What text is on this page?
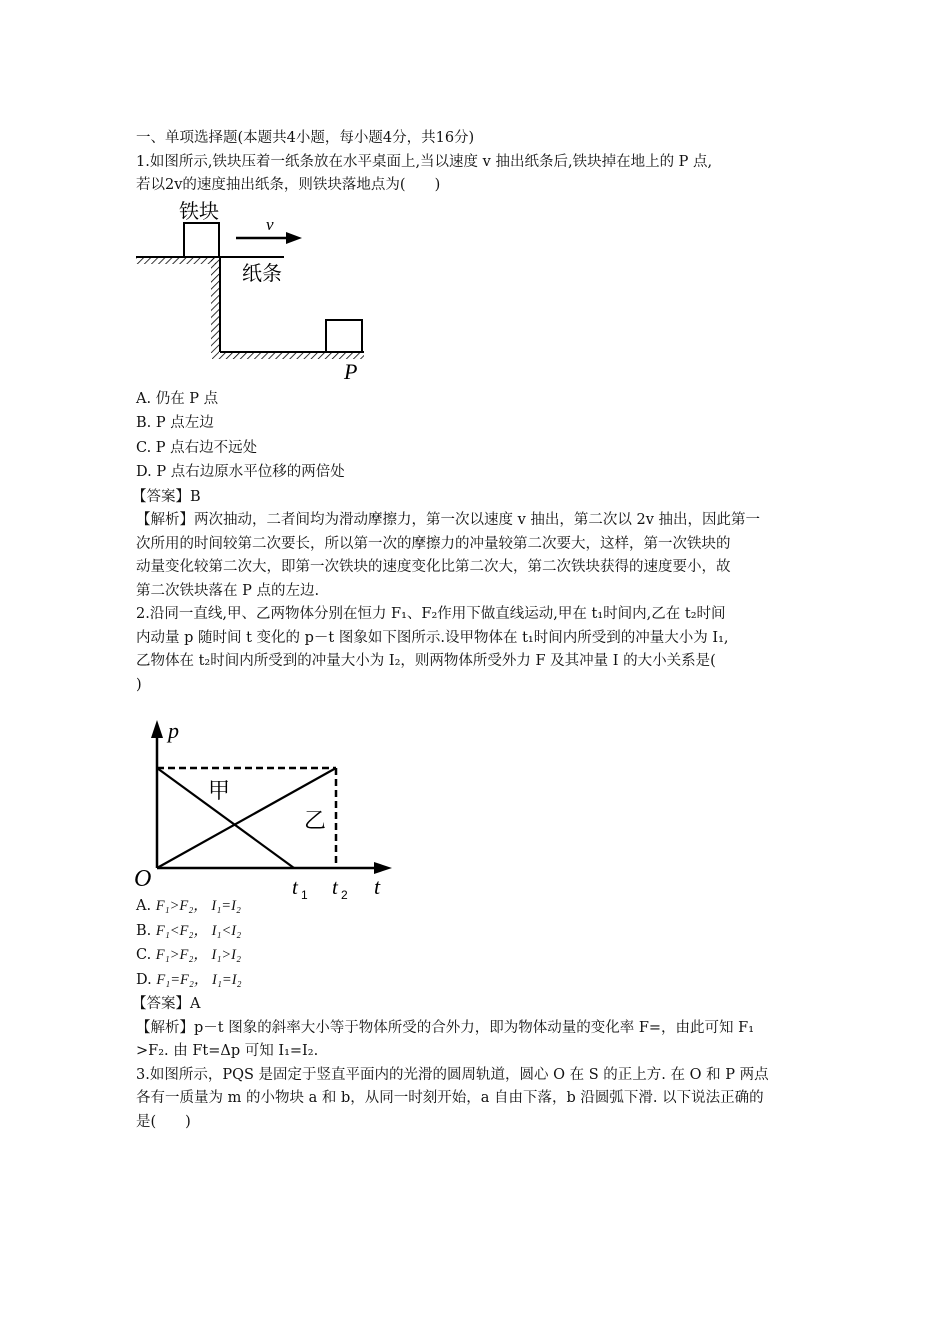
一、单项选择题(本题共4小题，每小题4分，共16分)
1.如图所示,铁块压着一纸条放在水平桌面上,当以速度 v 抽出纸条后,铁块掉在地上的 P 点,
若以2v的速度抽出纸条，则铁块落地点为(　　)
A. 仍在 P 点
B. P 点左边
C. P 点右边不远处
D. P 点右边原水平位移的两倍处
【答案】B
【解析】两次抽动，二者间均为滑动摩擦力，第一次以速度 v 抽出，第二次以 2v 抽出，因此第一
次所用的时间较第二次要长，所以第一次的摩擦力的冲量较第二次要大，这样，第一次铁块的
动量变化较第二次大，即第一次铁块的速度变化比第二次大，第二次铁块获得的速度要小，故
第二次铁块落在 P 点的左边.
2.沿同一直线,甲、乙两物体分别在恒力 F₁、F₂作用下做直线运动,甲在 t₁时间内,乙在 t₂时间
内动量 p 随时间 t 变化的 p－t 图象如下图所示.设甲物体在 t₁时间内所受到的冲量大小为 I₁,
乙物体在 t₂时间内所受到的冲量大小为 I₂，则两物体所受外力 F 及其冲量 I 的大小关系是(
)
A. F₁>F₂， I₁=I₂
B. F₁<F₂， I₁<I₂
C. F₁>F₂， I₁>I₂
D. F₁=F₂， I₁=I₂
【答案】A
【解析】p－t 图象的斜率大小等于物体所受的合外力，即为物体动量的变化率 F=，由此可知 F₁
>F₂. 由 Ft=Δp 可知 I₁=I₂.
3.如图所示，PQS 是固定于竖直平面内的光滑的圆周轨道，圆心 O 在 S 的正上方. 在 O 和 P 两点
各有一质量为 m 的小物块 a 和 b，从同一时刻开始，a 自由下落，b 沿圆弧下滑. 以下说法正确的
是(　　)
铁块
v
纸条
P
p
t
O
甲
乙
t 1 t 2
